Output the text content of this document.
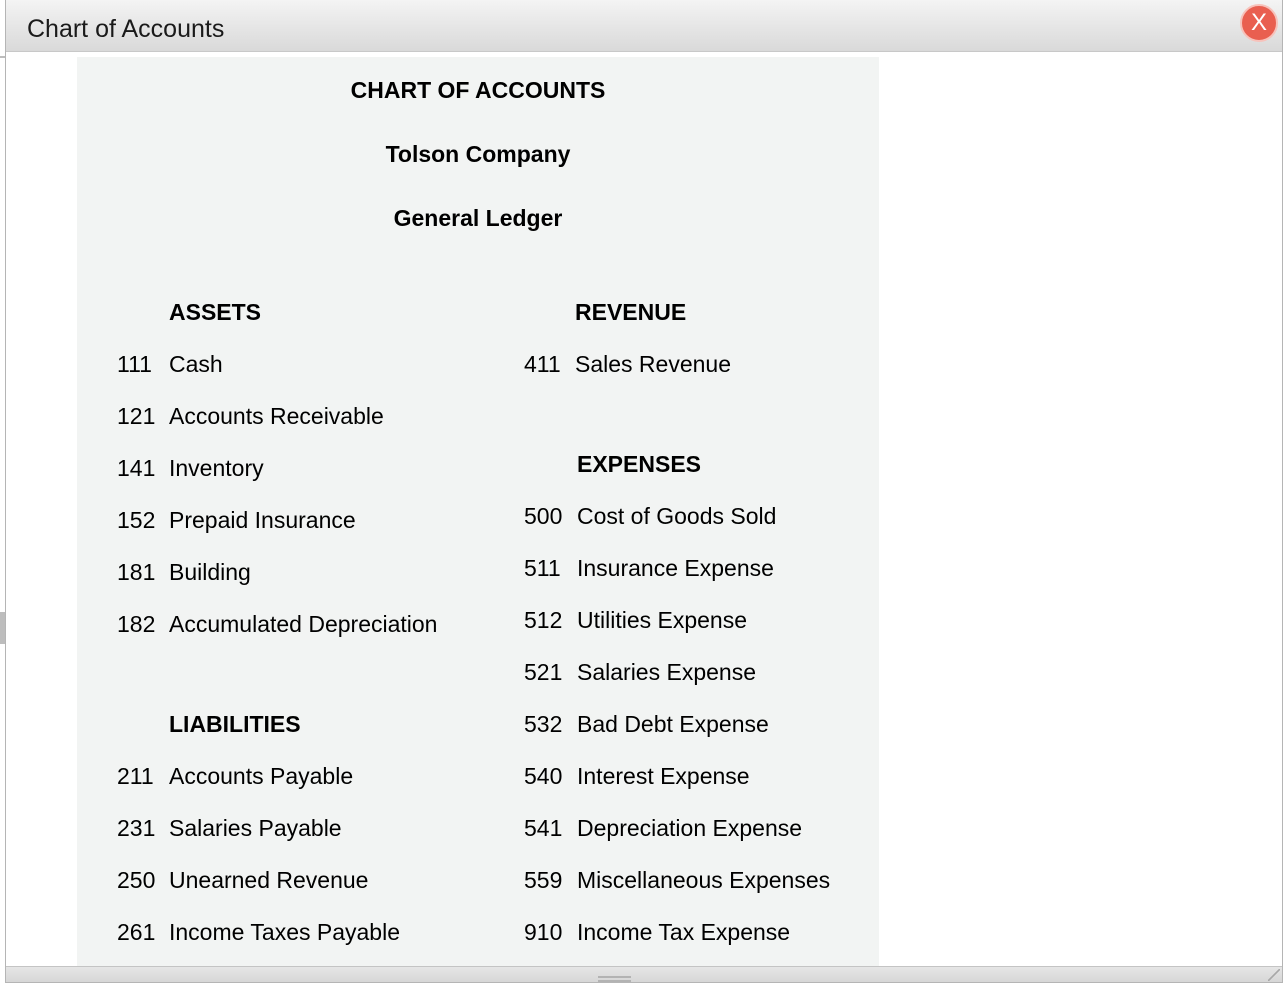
Chart of Accounts	X
CHART OF ACCOUNTS
Tolson Company
General Ledger
ASSETS
111 Cash
121 Accounts Receivable
141 Inventory
152 Prepaid Insurance
181 Building
182 Accumulated Depreciation
LIABILITIES
211 Accounts Payable
231 Salaries Payable
250 Unearned Revenue
261 Income Taxes Payable
REVENUE
411 Sales Revenue
EXPENSES
500 Cost of Goods Sold
511 Insurance Expense
512 Utilities Expense
521 Salaries Expense
532 Bad Debt Expense
540 Interest Expense
541 Depreciation Expense
559 Miscellaneous Expenses
910 Income Tax Expense
